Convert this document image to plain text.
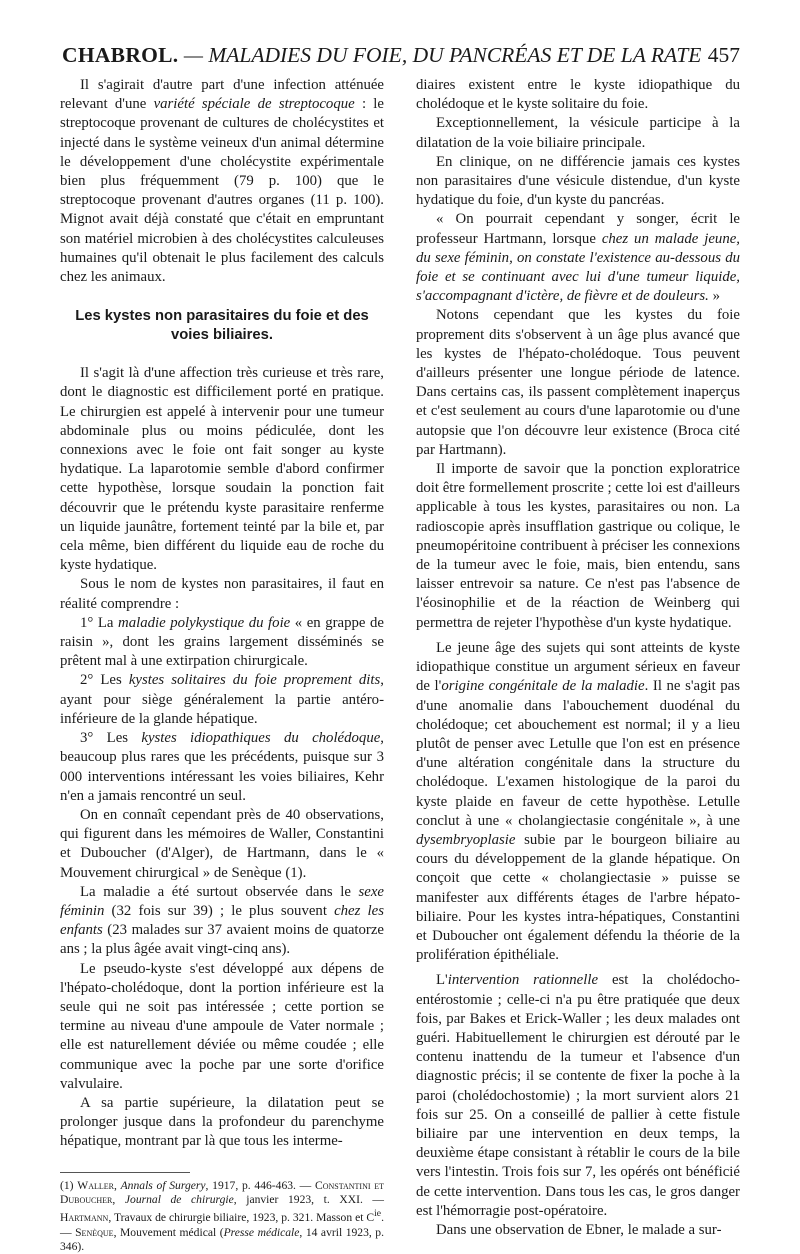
CHABROL. — MALADIES DU FOIE, DU PANCRÉAS ET DE LA RATE 457

Il s'agirait d'autre part d'une infection atténuée relevant d'une variété spéciale de streptocoque : le streptocoque provenant de cultures de cholécystites et injecté dans le système veineux d'un animal détermine le développement d'une cholécystite expérimentale bien plus fréquemment (79 p. 100) que le streptocoque provenant d'autres organes (11 p. 100). Mignot avait déjà constaté que c'était en empruntant son matériel microbien à des cholécystites calculeuses humaines qu'il obtenait le plus facilement des calculs chez les animaux.

Les kystes non parasitaires du foie et des voies biliaires.

Il s'agit là d'une affection très curieuse et très rare, dont le diagnostic est difficilement porté en pratique. Le chirurgien est appelé à intervenir pour une tumeur abdominale plus ou moins pédiculée, dont les connexions avec le foie ont fait songer au kyste hydatique. La laparotomie semble d'abord confirmer cette hypothèse, lorsque soudain la ponction fait découvrir que le prétendu kyste parasitaire renferme un liquide jaunâtre, fortement teinté par la bile et, par cela même, bien différent du liquide eau de roche du kyste hydatique.

Sous le nom de kystes non parasitaires, il faut en réalité comprendre :

1° La maladie polykystique du foie « en grappe de raisin », dont les grains largement disséminés se prêtent mal à une extirpation chirurgicale.

2° Les kystes solitaires du foie proprement dits, ayant pour siège généralement la partie antéro-inférieure de la glande hépatique.

3° Les kystes idiopathiques du cholédoque, beaucoup plus rares que les précédents, puisque sur 3 000 interventions intéressant les voies biliaires, Kehr n'en a jamais rencontré un seul.

On en connaît cependant près de 40 observations, qui figurent dans les mémoires de Waller, Constantini et Duboucher (d'Alger), de Hartmann, dans le « Mouvement chirurgical » de Senèque (1).

La maladie a été surtout observée dans le sexe féminin (32 fois sur 39) ; le plus souvent chez les enfants (23 malades sur 37 avaient moins de quatorze ans ; la plus âgée avait vingt-cinq ans).

Le pseudo-kyste s'est développé aux dépens de l'hépato-cholédoque, dont la portion inférieure est la seule qui ne soit pas intéressée ; cette portion se termine au niveau d'une ampoule de Vater normale ; elle est naturellement déviée ou même coudée ; elle communique avec la poche par une sorte d'orifice valvulaire.

A sa partie supérieure, la dilatation peut se prolonger jusque dans la profondeur du parenchyme hépatique, montrant par là que tous les interme-

(1) Waller, Annals of Surgery, 1917, p. 446-463. — Constantini et Duboucher, Journal de chirurgie, janvier 1923, t. XXI. — Hartmann, Travaux de chirurgie biliaire, 1923, p. 321. Masson et $C^{ie}$. — Senèque, Mouvement médical (Presse médicale, 14 avril 1923, p. 346).

diaires existent entre le kyste idiopathique du cholédoque et le kyste solitaire du foie.

Exceptionnellement, la vésicule participe à la dilatation de la voie biliaire principale.

En clinique, on ne différencie jamais ces kystes non parasitaires d'une vésicule distendue, d'un kyste hydatique du foie, d'un kyste du pancréas.

« On pourrait cependant y songer, écrit le professeur Hartmann, lorsque chez un malade jeune, du sexe féminin, on constate l'existence au-dessous du foie et se continuant avec lui d'une tumeur liquide, s'accompagnant d'ictère, de fièvre et de douleurs. »

Notons cependant que les kystes du foie proprement dits s'observent à un âge plus avancé que les kystes de l'hépato-cholédoque. Tous peuvent d'ailleurs présenter une longue période de latence. Dans certains cas, ils passent complètement inaperçus et c'est seulement au cours d'une laparotomie ou d'une autopsie que l'on découvre leur existence (Broca cité par Hartmann).

Il importe de savoir que la ponction exploratrice doit être formellement proscrite ; cette loi est d'ailleurs applicable à tous les kystes, parasitaires ou non. La radioscopie après insufflation gastrique ou colique, le pneumopéritoine contribuent à préciser les connexions de la tumeur avec le foie, mais, bien entendu, sans laisser entrevoir sa nature. Ce n'est pas l'absence de l'éosinophilie et de la réaction de Weinberg qui permettra de rejeter l'hypothèse d'un kyste hydatique.

Le jeune âge des sujets qui sont atteints de kyste idiopathique constitue un argument sérieux en faveur de l'origine congénitale de la maladie. Il ne s'agit pas d'une anomalie dans l'abouchement duodénal du cholédoque; cet abouchement est normal; il y a lieu plutôt de penser avec Letulle que l'on est en présence d'une altération congénitale dans la structure du cholédoque. L'examen histologique de la paroi du kyste plaide en faveur de cette hypothèse. Letulle conclut à une « cholangiectasie congénitale », à une dysembryoplasie subie par le bourgeon biliaire au cours du développement de la glande hépatique. On conçoit que cette « cholangiectasie » puisse se manifester aux différents étages de l'arbre hépato-biliaire. Pour les kystes intra-hépatiques, Constantini et Duboucher ont également défendu la théorie de la prolifération épithéliale.

L'intervention rationnelle est la cholédocho-entérostomie ; celle-ci n'a pu être pratiquée que deux fois, par Bakes et Erick-Waller ; les deux malades ont guéri. Habituellement le chirurgien est dérouté par le contenu inattendu de la tumeur et l'absence d'un diagnostic précis; il se contente de fixer la poche à la paroi (cholédochostomie) ; la mort survient alors 21 fois sur 25. On a conseillé de pallier à cette fistule biliaire par une intervention en deux temps, la deuxième étape consistant à rétablir le cours de la bile vers l'intestin. Trois fois sur 7, les opérés ont bénéficié de cette intervention. Dans tous les cas, le gros danger est l'hémorragie post-opératoire.

Dans une observation de Ebner, le malade a sur-
